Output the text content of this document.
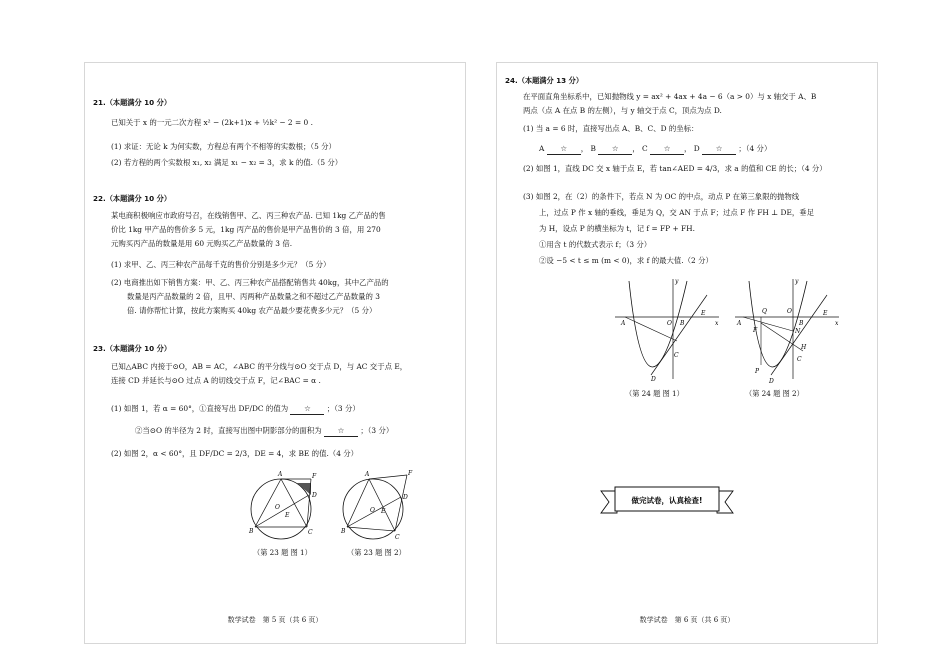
21.（本题满分 10 分）
已知关于 x 的一元二次方程 x² − (2k+1)x + ½k² − 2 = 0 .
(1) 求证：无论 k 为何实数，方程总有两个不相等的实数根；（5 分）
(2) 若方程的两个实数根 x₁, x₂ 满足 x₁ − x₂ = 3，求 k 的值.（5 分）
22.（本题满分 10 分）
某电商积极响应市政府号召，在线销售甲、乙、丙三种农产品. 已知 1kg 乙产品的售
价比 1kg 甲产品的售价多 5 元，1kg 丙产品的售价是甲产品售价的 3 倍，用 270
元购买丙产品的数量是用 60 元购买乙产品数量的 3 倍.
(1) 求甲、乙、丙三种农产品每千克的售价分别是多少元？（5 分）
(2) 电商推出如下销售方案：甲、乙、丙三种农产品搭配销售共 40kg，其中乙产品的
数量是丙产品数量的 2 倍，且甲、丙两种产品数量之和不超过乙产品数量的 3
倍. 请你帮忙计算，按此方案购买 40kg 农产品最少要花费多少元？（5 分）
23.（本题满分 10 分）
已知△ABC 内接于⊙O，AB = AC，∠ABC 的平分线与⊙O 交于点 D，与 AC 交于点 E，
连接 CD 并延长与⊙O 过点 A 的切线交于点 F，记∠BAC = α .
(1) 如图 1，若 α = 60°，①直接写出 DF/DC 的值为 ☆ ；（3 分）
②当⊙O 的半径为 2 时，直接写出图中阴影部分的面积为 ☆ ；（3 分）
(2) 如图 2，α < 60°，且 DF/DC = 2/3，DE = 4，求 BE 的值.（4 分）
A	F
D
B	C
E
O
（第 23 题 图 1）
A	F
D
B
C
E
O
（第 23 题 图 2）
数学试卷　第 5 页（共 6 页）
24.（本题满分 13 分）
在平面直角坐标系中，已知抛物线 y = ax² + 4ax + 4a − 6（a > 0）与 x 轴交于 A、B
两点（点 A 在点 B 的左侧），与 y 轴交于点 C，顶点为点 D.
(1) 当 a = 6 时，直接写出点 A、B、C、D 的坐标：
A ☆ ， B ☆ ， C ☆ ， D ☆ ；（4 分）
(2) 如图 1，直线 DC 交 x 轴于点 E，若 tan∠AED = 4/3，求 a 的值和 CE 的长；（4 分）
(3) 如图 2，在（2）的条件下，若点 N 为 OC 的中点，动点 P 在第三象限的抛物线
上，过点 P 作 x 轴的垂线，垂足为 Q，交 AN 于点 F；过点 F 作 FH ⊥ DE，垂足
为 H，设点 P 的横坐标为 t，记 f = FP + FH.
①用含 t 的代数式表示 f；（3 分）
②设 −5 < t ≤ m (m < 0)，求 f 的最大值.（2 分）
A	B
C
D
E
O	x
y
（第 24 题 图 1）
A	B
C
D
E
F	N
H
P
Q	O
x
y
（第 24 题 图 2）
做完试卷，认真检查!
数学试卷　第 6 页（共 6 页）
